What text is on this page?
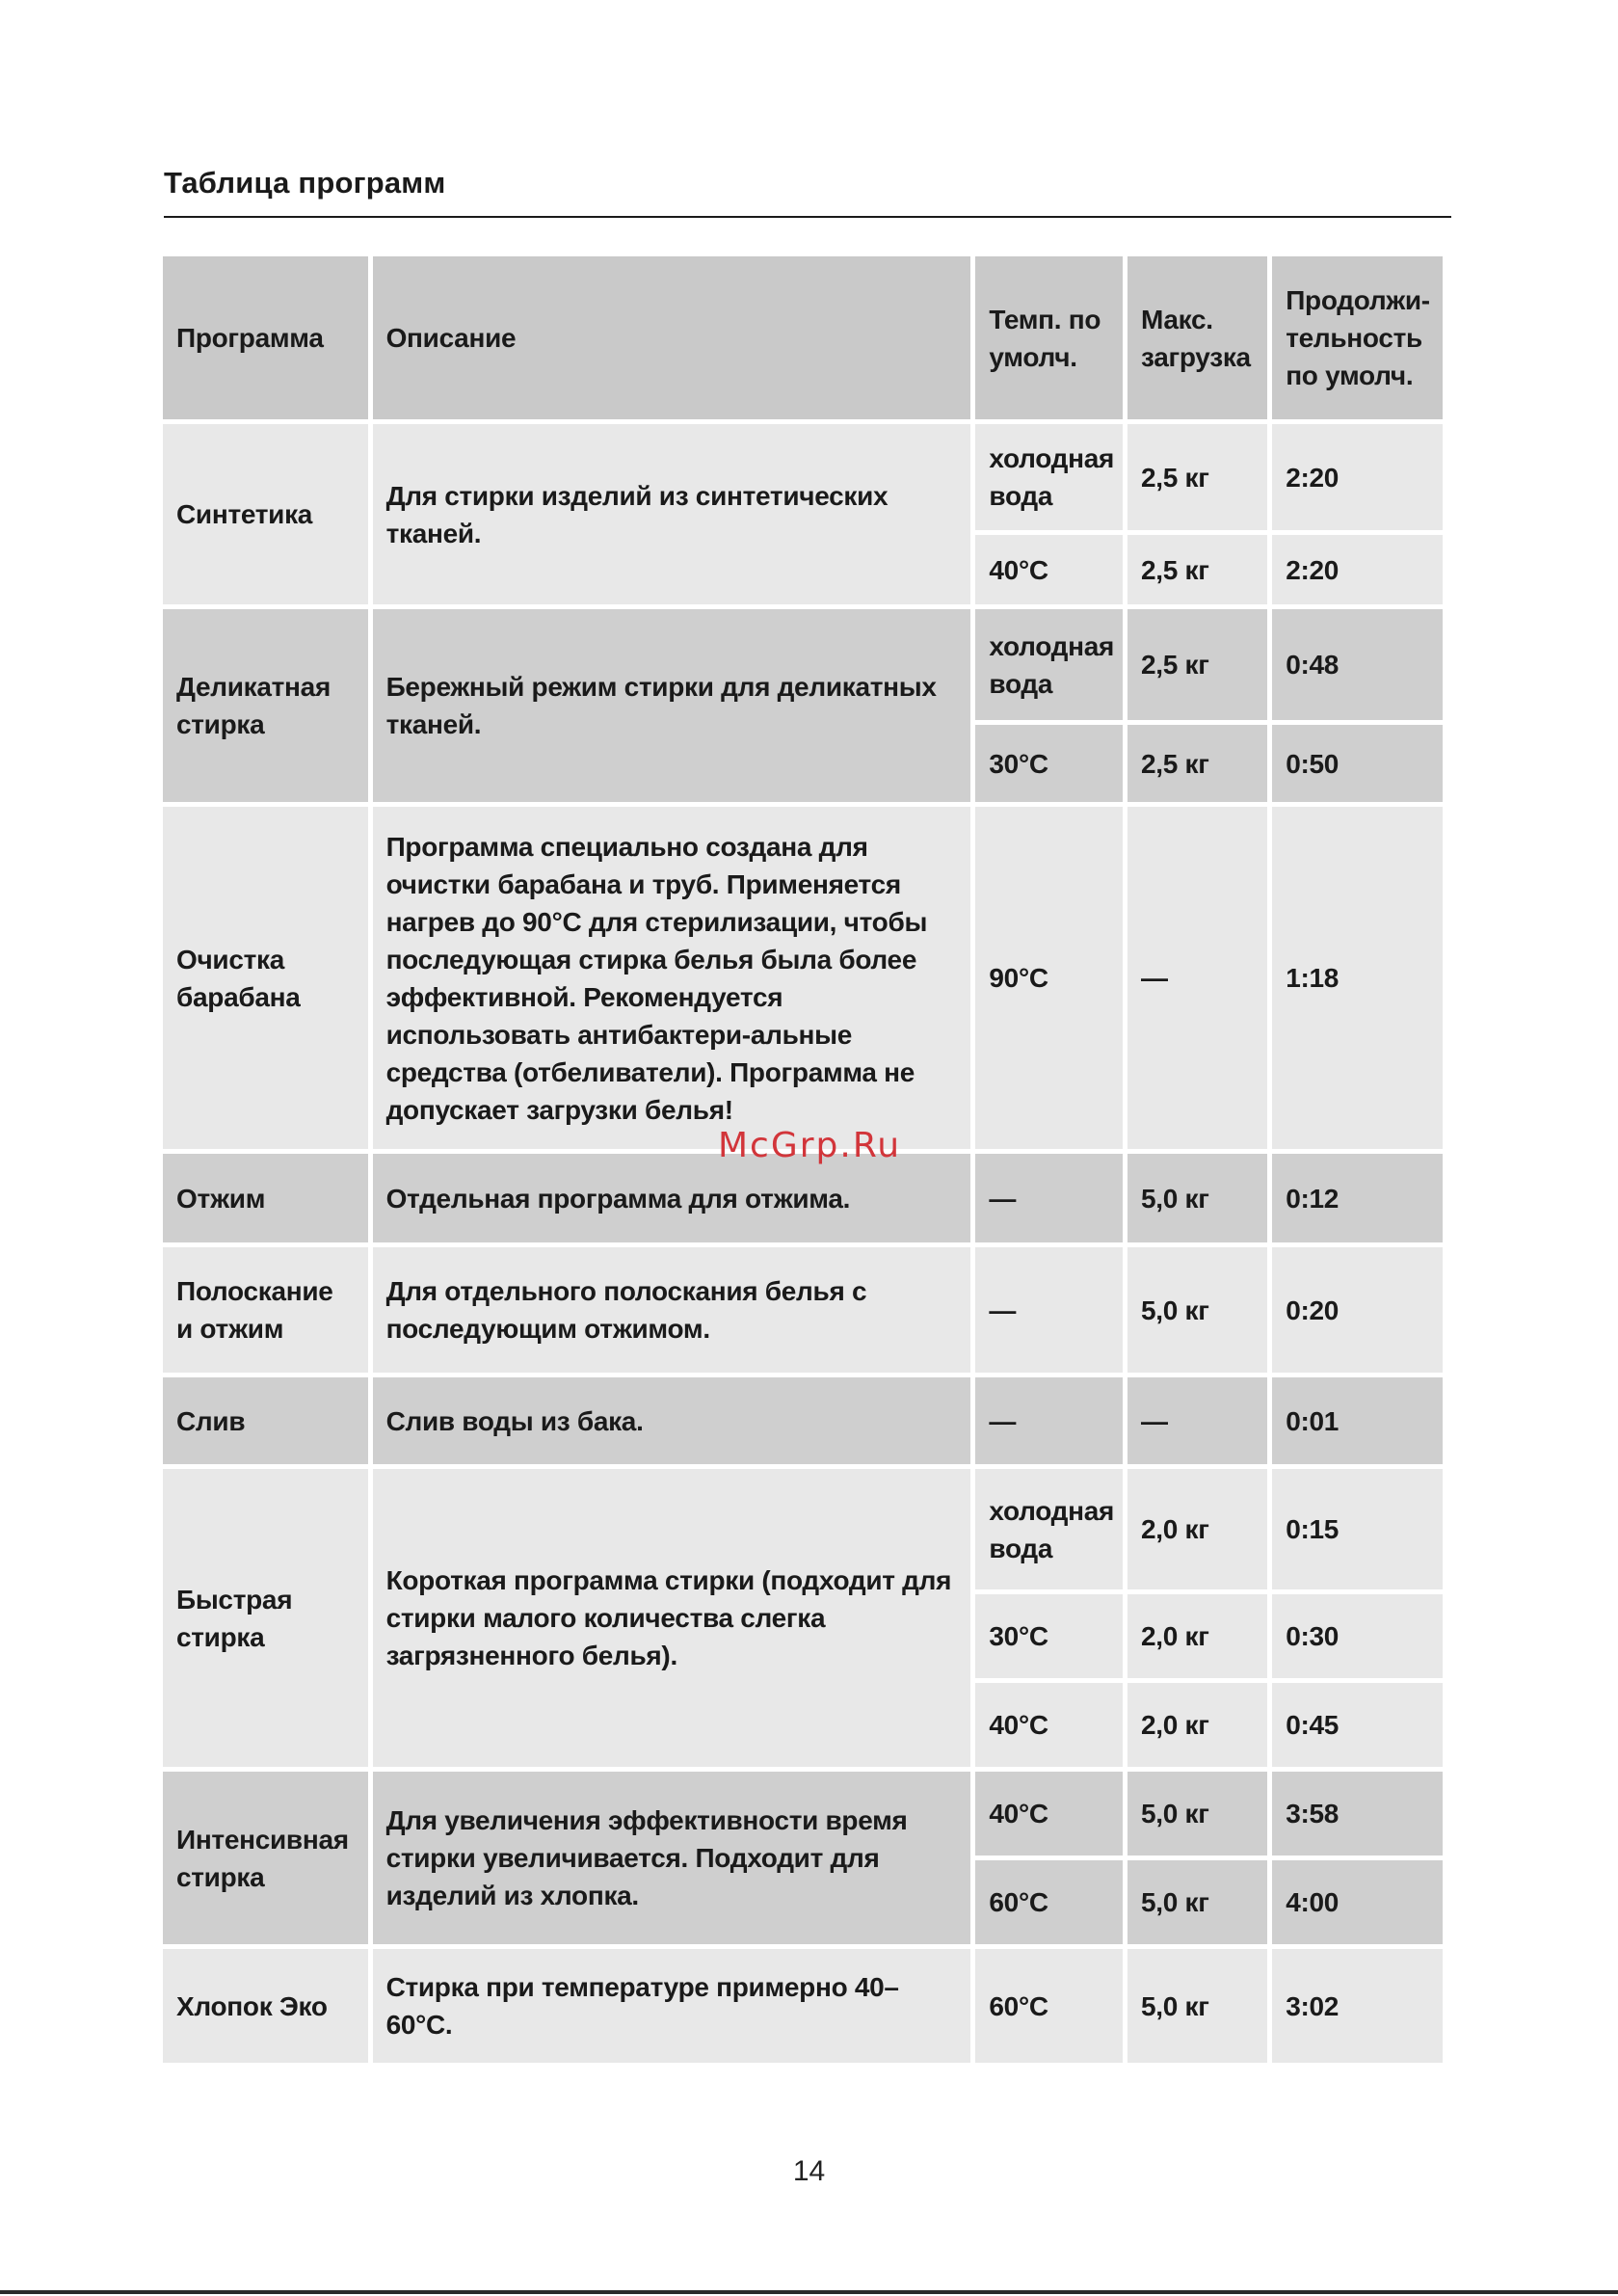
Таблица программ
Программа	Описание	Темп. по умолч.	Макс. загрузка	Продолжи-тельность по умолч.
Синтетика	Для стирки изделий из синтетических тканей.	холодная вода	2,5 кг	2:20
		40°C	2,5 кг	2:20
Деликатная стирка	Бережный режим стирки для деликатных тканей.	холодная вода	2,5 кг	0:48
		30°C	2,5 кг	0:50
Очистка барабана	Программа специально создана для очистки барабана и труб. Применяется нагрев до 90°C для стерилизации, чтобы последующая стирка белья была более эффективной. Рекомендуется использовать антибактери-альные средства (отбеливатели). Программа не допускает загрузки белья!	90°C	—	1:18
Отжим	Отдельная программа для отжима.	—	5,0 кг	0:12
Полоскание и отжим	Для отдельного полоскания белья с последующим отжимом.	—	5,0 кг	0:20
Слив	Слив воды из бака.	—	—	0:01
Быстрая стирка	Короткая программа стирки (подходит для стирки малого количества слегка загрязненного белья).	холодная вода	2,0 кг	0:15
		30°C	2,0 кг	0:30
		40°C	2,0 кг	0:45
Интенсивная стирка	Для увеличения эффективности время стирки увеличивается. Подходит для изделий из хлопка.	40°C	5,0 кг	3:58
		60°C	5,0 кг	4:00
Хлопок Эко	Стирка при температуре примерно 40–60°C.	60°C	5,0 кг	3:02
McGrp.Ru
14
